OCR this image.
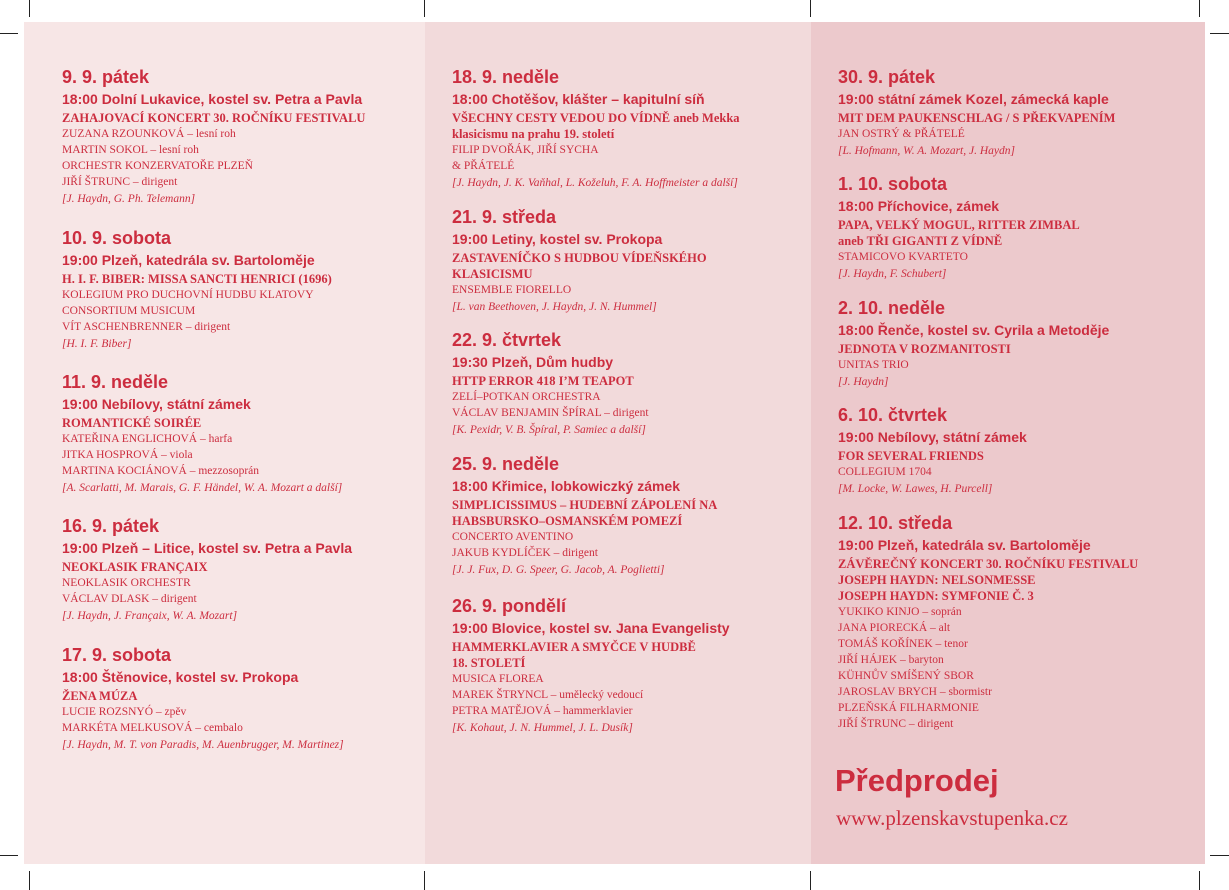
9. 9. pátek
18:00 Dolní Lukavice, kostel sv. Petra a Pavla
ZAHAJOVACÍ KONCERT 30. ROČNÍKU FESTIVALU
ZUZANA RZOUNKOVÁ – lesní roh
MARTIN SOKOL – lesní roh
ORCHESTR KONZERVATOŘE PLZEŇ
JIŘÍ ŠTRUNC – dirigent
[J. Haydn, G. Ph. Telemann]
10. 9. sobota
19:00 Plzeň, katedrála sv. Bartoloměje
H. I. F. BIBER: MISSA SANCTI HENRICI (1696)
KOLEGIUM PRO DUCHOVNÍ HUDBU KLATOVY
CONSORTIUM MUSICUM
VÍT ASCHENBRENNER – dirigent
[H. I. F. Biber]
11. 9. neděle
19:00 Nebílovy, státní zámek
ROMANTICKÉ SOIRÉE
KATEŘINA ENGLICHOVÁ – harfa
JITKA HOSPROVÁ – viola
MARTINA KOCIÁNOVÁ – mezzosoprán
[A. Scarlatti, M. Marais, G. F. Händel, W. A. Mozart a další]
16. 9. pátek
19:00 Plzeň – Litice, kostel sv. Petra a Pavla
NEOKLASIK FRANÇAIX
NEOKLASIK ORCHESTR
VÁCLAV DLASK – dirigent
[J. Haydn, J. Françaix, W. A. Mozart]
17. 9. sobota
18:00 Štěnovice, kostel sv. Prokopa
ŽENA MÚZA
LUCIE ROZSNYÓ – zpěv
MARKÉTA MELKUSOVÁ – cembalo
[J. Haydn, M. T. von Paradis, M. Auenbrugger, M. Martinez]
18. 9. neděle
18:00 Chotěšov, klášter – kapitulní síň
VŠECHNY CESTY VEDOU DO VÍDNĚ aneb Mekka
klasicismu na prahu 19. století
FILIP DVOŘÁK, JIŘÍ SYCHA
& PŘÁTELÉ
[J. Haydn, J. K. Vaňhal, L. Koželuh, F. A. Hoffmeister a další]
21. 9. středa
19:00 Letiny, kostel sv. Prokopa
ZASTAVENÍČKO S HUDBOU VÍDEŇSKÉHO
KLASICISMU
ENSEMBLE FIORELLO
[L. van Beethoven, J. Haydn, J. N. Hummel]
22. 9. čtvrtek
19:30 Plzeň, Dům hudby
HTTP ERROR 418 I’M TEAPOT
ZELÍ–POTKAN ORCHESTRA
VÁCLAV BENJAMIN ŠPÍRAL – dirigent
[K. Pexidr, V. B. Špíral, P. Samiec a další]
25. 9. neděle
18:00 Křimice, lobkowiczký zámek
SIMPLICISSIMUS – HUDEBNÍ ZÁPOLENÍ NA
HABSBURSKO–OSMANSKÉM POMEZÍ
CONCERTO AVENTINO
JAKUB KYDLÍČEK – dirigent
[J. J. Fux, D. G. Speer, G. Jacob, A. Poglietti]
26. 9. pondělí
19:00 Blovice, kostel sv. Jana Evangelisty
HAMMERKLAVIER A SMYČCE V HUDBĚ
18. STOLETÍ
MUSICA FLOREA
MAREK ŠTRYNCL – umělecký vedoucí
PETRA MATĚJOVÁ – hammerklavier
[K. Kohaut, J. N. Hummel, J. L. Dusík]
30. 9. pátek
19:00 státní zámek Kozel, zámecká kaple
MIT DEM PAUKENSCHLAG / S PŘEKVAPENÍM
JAN OSTRÝ & PŘÁTELÉ
[L. Hofmann, W. A. Mozart, J. Haydn]
1. 10. sobota
18:00 Příchovice, zámek
PAPA, VELKÝ MOGUL, RITTER ZIMBAL
aneb TŘI GIGANTI Z VÍDNĚ
STAMICOVO KVARTETO
[J. Haydn, F. Schubert]
2. 10. neděle
18:00 Řenče, kostel sv. Cyrila a Metoděje
JEDNOTA V ROZMANITOSTI
UNITAS TRIO
[J. Haydn]
6. 10. čtvrtek
19:00 Nebílovy, státní zámek
FOR SEVERAL FRIENDS
COLLEGIUM 1704
[M. Locke, W. Lawes, H. Purcell]
12. 10. středa
19:00 Plzeň, katedrála sv. Bartoloměje
ZÁVĚREČNÝ KONCERT 30. ROČNÍKU FESTIVALU
JOSEPH HAYDN: NELSONMESSE
JOSEPH HAYDN: SYMFONIE Č. 3
YUKIKO KINJO – soprán
JANA PIORECKÁ – alt
TOMÁŠ KOŘÍNEK – tenor
JIŘÍ HÁJEK – baryton
KÜHNŮV SMÍŠENÝ SBOR
JAROSLAV BRYCH – sbormistr
PLZEŇSKÁ FILHARMONIE
JIŘÍ ŠTRUNC – dirigent
Předprodej
www.plzenskavstupenka.cz
